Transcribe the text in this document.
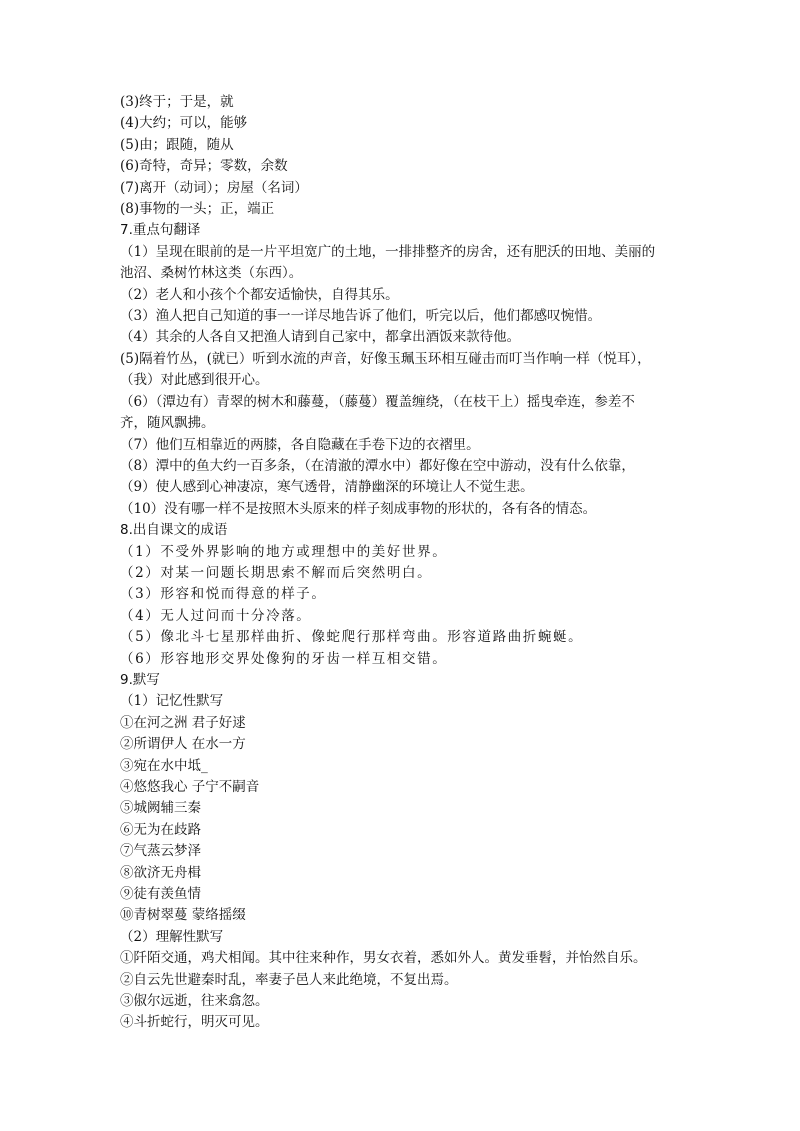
(3)终于；于是，就
(4)大约；可以，能够
(5)由；跟随，随从
(6)奇特，奇异；零数，余数
(7)离开（动词）；房屋（名词）
(8)事物的一头；正，端正
7.重点句翻译
（1）呈现在眼前的是一片平坦宽广的土地，一排排整齐的房舍，还有肥沃的田地、美丽的
池沼、桑树竹林这类（东西）。
（2）老人和小孩个个都安适愉快，自得其乐。
（3）渔人把自己知道的事一一详尽地告诉了他们，听完以后，他们都感叹惋惜。
（4）其余的人各自又把渔人请到自己家中，都拿出酒饭来款待他。
(5)隔着竹丛，(就已）听到水流的声音，好像玉珮玉环相互碰击而叮当作响一样（悦耳），
（我）对此感到很开心。
（6）（潭边有）青翠的树木和藤蔓，（藤蔓）覆盖缠绕，（在枝干上）摇曳牵连，参差不
齐，随风飘拂。
（7）他们互相靠近的两膝，各自隐藏在手卷下边的衣褶里。
（8）潭中的鱼大约一百多条，（在清澈的潭水中）都好像在空中游动，没有什么依靠，
（9）使人感到心神凄凉，寒气透骨，清静幽深的环境让人不觉生悲。
（10）没有哪一样不是按照木头原来的样子刻成事物的形状的，各有各的情态。
8.出自课文的成语
（1）不受外界影响的地方或理想中的美好世界。
（2）对某一问题长期思索不解而后突然明白。
（3）形容和悦而得意的样子。
（4）无人过问而十分冷落。
（5）像北斗七星那样曲折、像蛇爬行那样弯曲。形容道路曲折蜿蜒。
（6）形容地形交界处像狗的牙齿一样互相交错。
9.默写
（1）记忆性默写
①在河之洲 君子好逑
②所谓伊人 在水一方
③宛在水中坻_
④悠悠我心 子宁不嗣音
⑤城阙辅三秦
⑥无为在歧路
⑦气蒸云梦泽
⑧欲济无舟楫
⑨徒有羡鱼情
⑩青树翠蔓 蒙络摇缀
（2）理解性默写
①阡陌交通，鸡犬相闻。其中往来种作，男女衣着，悉如外人。黄发垂髫，并怡然自乐。
②自云先世避秦时乱，率妻子邑人来此绝境，不复出焉。
③俶尔远逝，往来翕忽。
④斗折蛇行，明灭可见。
